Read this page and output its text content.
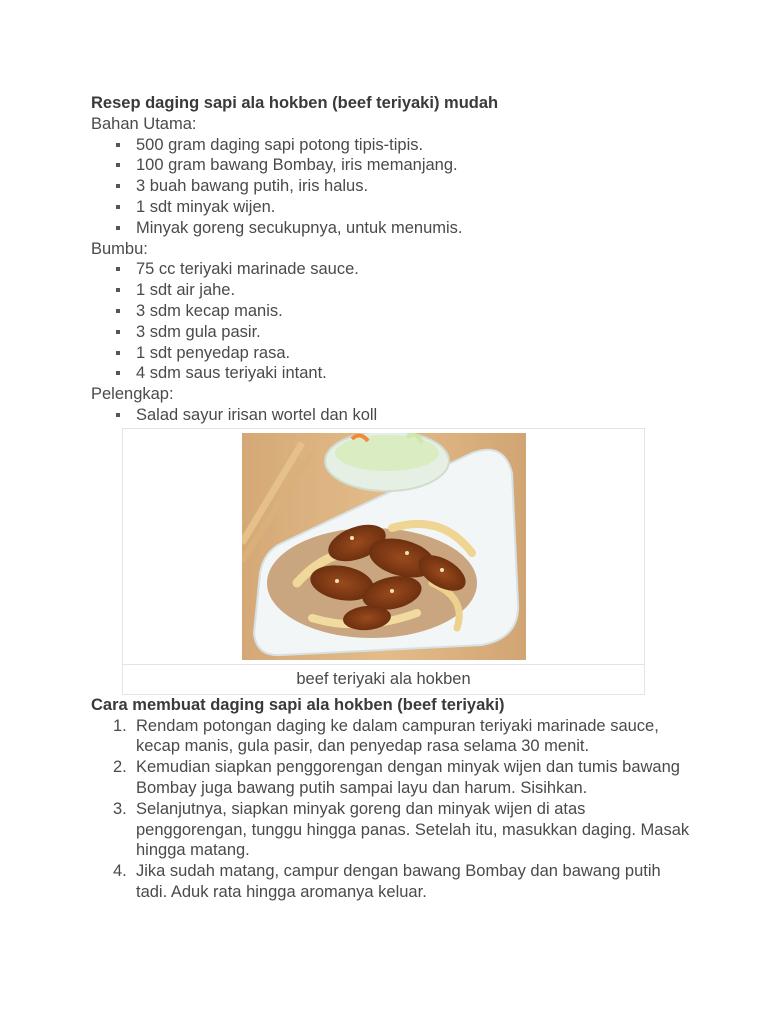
Resep daging sapi ala hokben (beef teriyaki) mudah
Bahan Utama:
500 gram daging sapi potong tipis-tipis.
100 gram bawang Bombay, iris memanjang.
3 buah bawang putih, iris halus.
1 sdt minyak wijen.
Minyak goreng secukupnya, untuk menumis.
Bumbu:
75 cc teriyaki marinade sauce.
1 sdt air jahe.
3 sdm kecap manis.
3 sdm gula pasir.
1 sdt penyedap rasa.
4 sdm saus teriyaki intant.
Pelengkap:
Salad sayur irisan wortel dan koll
beef teriyaki ala hokben
Cara membuat daging sapi ala hokben (beef teriyaki)
1. Rendam potongan daging ke dalam campuran teriyaki marinade sauce, kecap manis, gula pasir, dan penyedap rasa selama 30 menit.
2. Kemudian siapkan penggorengan dengan minyak wijen dan tumis bawang Bombay juga bawang putih sampai layu dan harum. Sisihkan.
3. Selanjutnya, siapkan minyak goreng dan minyak wijen di atas penggorengan, tunggu hingga panas. Setelah itu, masukkan daging. Masak hingga matang.
4. Jika sudah matang, campur dengan bawang Bombay dan bawang putih tadi. Aduk rata hingga aromanya keluar.
